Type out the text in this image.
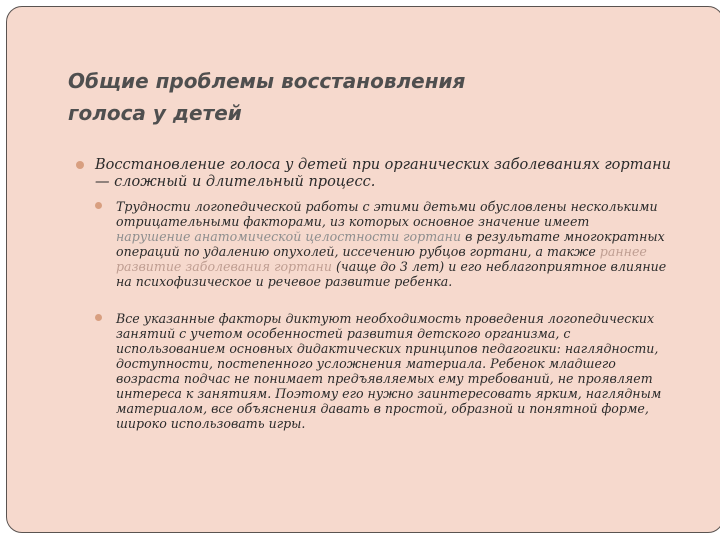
Общие проблемы восстановления
голоса у детей
Восстановление голоса у детей при органических заболеваниях гортани
— сложный и длительный процесс.
Трудности логопедической работы с этими детьми обусловлены несколькими
отрицательными факторами, из которых основное значение имеет
нарушение анатомической целостности гортани в результате многократных
операций по удалению опухолей, иссечению рубцов гортани, а также раннее
развитие заболевания гортани (чаще до 3 лет) и его неблагоприятное влияние
на психофизическое и речевое развитие ребенка.
Все указанные факторы диктуют необходимость проведения логопедических
занятий с учетом особенностей развития детского организма, с
использованием основных дидактических принципов педагогики: наглядности,
доступности, постепенного усложнения материала. Ребенок младшего
возраста подчас не понимает предъявляемых ему требований, не проявляет
интереса к занятиям. Поэтому его нужно заинтересовать ярким, наглядным
материалом, все объяснения давать в простой, образной и понятной форме,
широко использовать игры.
